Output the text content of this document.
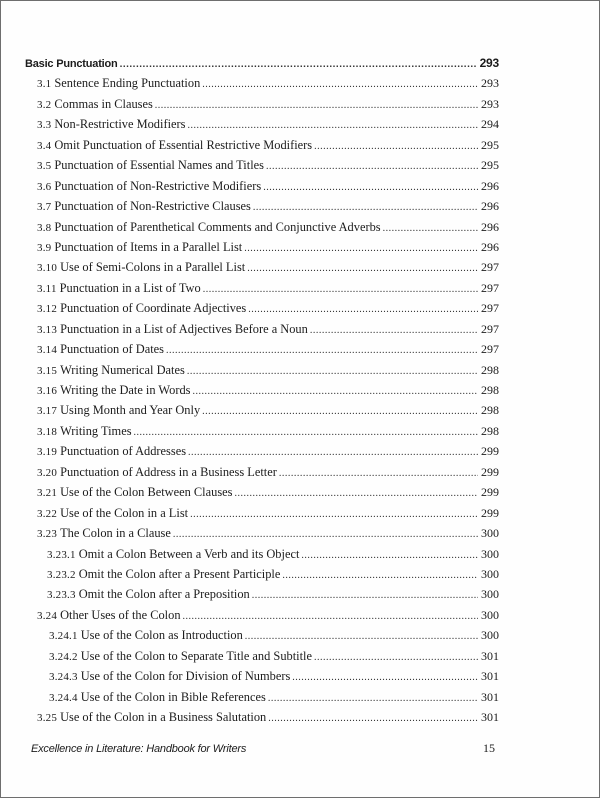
Basic Punctuation .....	293
3.1 Sentence Ending Punctuation .....	293
3.2 Commas in Clauses .....	293
3.3 Non-Restrictive Modifiers .....	294
3.4 Omit Punctuation of Essential Restrictive Modifiers .....	295
3.5 Punctuation of Essential Names and Titles .....	295
3.6 Punctuation of Non-Restrictive Modifiers .....	296
3.7 Punctuation of Non-Restrictive Clauses .....	296
3.8 Punctuation of Parenthetical Comments and Conjunctive Adverbs .....	296
3.9 Punctuation of Items in a Parallel List .....	296
3.10 Use of Semi-Colons in a Parallel List .....	297
3.11 Punctuation in a List of Two .....	297
3.12 Punctuation of Coordinate Adjectives .....	297
3.13 Punctuation in a List of Adjectives Before a Noun .....	297
3.14 Punctuation of Dates .....	297
3.15 Writing Numerical Dates .....	298
3.16 Writing the Date in Words .....	298
3.17 Using Month and Year Only .....	298
3.18 Writing Times .....	298
3.19 Punctuation of Addresses .....	299
3.20 Punctuation of Address in a Business Letter .....	299
3.21 Use of the Colon Between Clauses .....	299
3.22 Use of the Colon in a List .....	299
3.23 The Colon in a Clause .....	300
3.23.1 Omit a Colon Between a Verb and its Object .....	300
3.23.2 Omit the Colon after a Present Participle .....	300
3.23.3 Omit the Colon after a Preposition .....	300
3.24 Other Uses of the Colon .....	300
3.24.1 Use of the Colon as Introduction .....	300
3.24.2 Use of the Colon to Separate Title and Subtitle .....	301
3.24.3 Use of the Colon for Division of Numbers .....	301
3.24.4 Use of the Colon in Bible References .....	301
3.25 Use of the Colon in a Business Salutation .....	301
Excellence in Literature: Handbook for Writers	15
